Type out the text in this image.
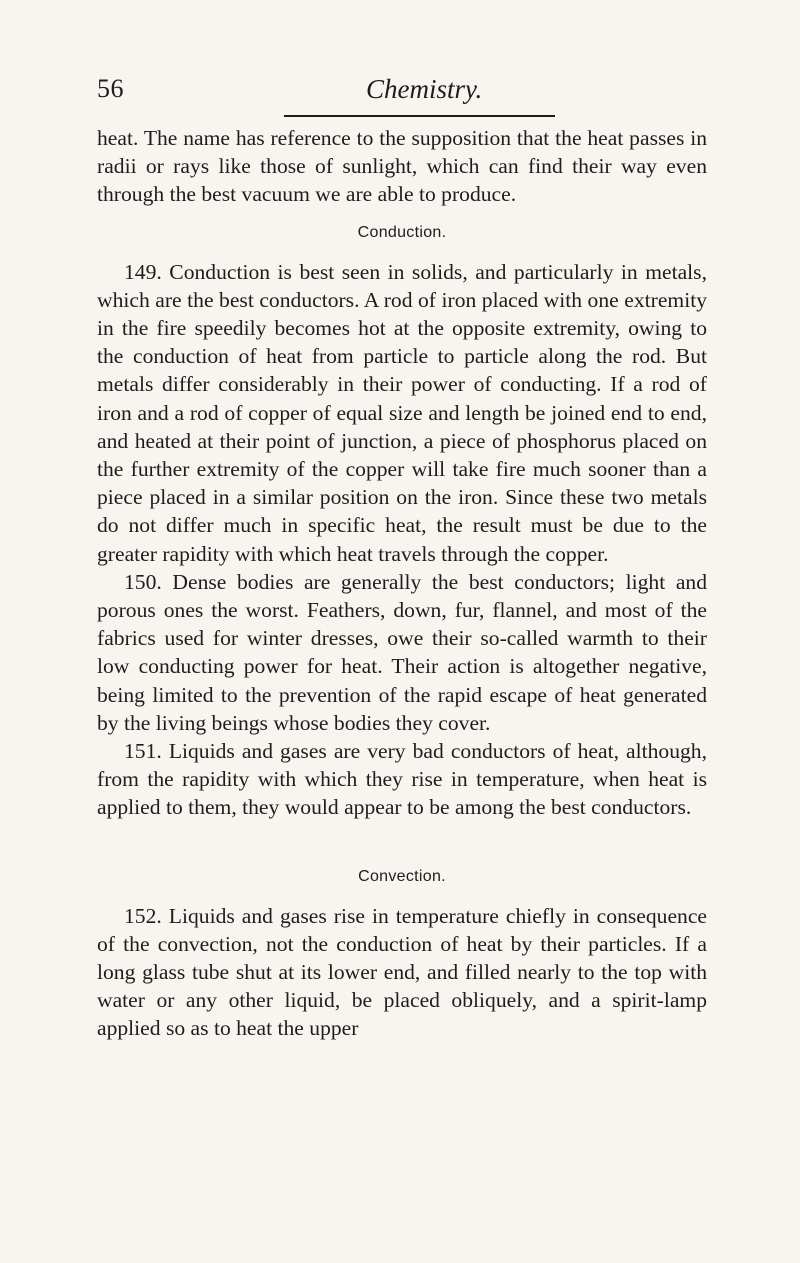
56	Chemistry.

heat. The name has reference to the supposition that the heat passes in radii or rays like those of sunlight, which can find their way even through the best vacuum we are able to produce.

Conduction.

149. Conduction is best seen in solids, and particularly in metals, which are the best conductors. A rod of iron placed with one extremity in the fire speedily becomes hot at the opposite extremity, owing to the conduction of heat from particle to particle along the rod. But metals differ considerably in their power of conducting. If a rod of iron and a rod of copper of equal size and length be joined end to end, and heated at their point of junction, a piece of phosphorus placed on the further extremity of the copper will take fire much sooner than a piece placed in a similar position on the iron. Since these two metals do not differ much in specific heat, the result must be due to the greater rapidity with which heat travels through the copper.

150. Dense bodies are generally the best conductors; light and porous ones the worst. Feathers, down, fur, flannel, and most of the fabrics used for winter dresses, owe their so-called warmth to their low conducting power for heat. Their action is altogether negative, being limited to the prevention of the rapid escape of heat generated by the living beings whose bodies they cover.

151. Liquids and gases are very bad conductors of heat, although, from the rapidity with which they rise in temperature, when heat is applied to them, they would appear to be among the best conductors.

Convection.

152. Liquids and gases rise in temperature chiefly in consequence of the convection, not the conduction of heat by their particles. If a long glass tube shut at its lower end, and filled nearly to the top with water or any other liquid, be placed obliquely, and a spirit-lamp applied so as to heat the upper
